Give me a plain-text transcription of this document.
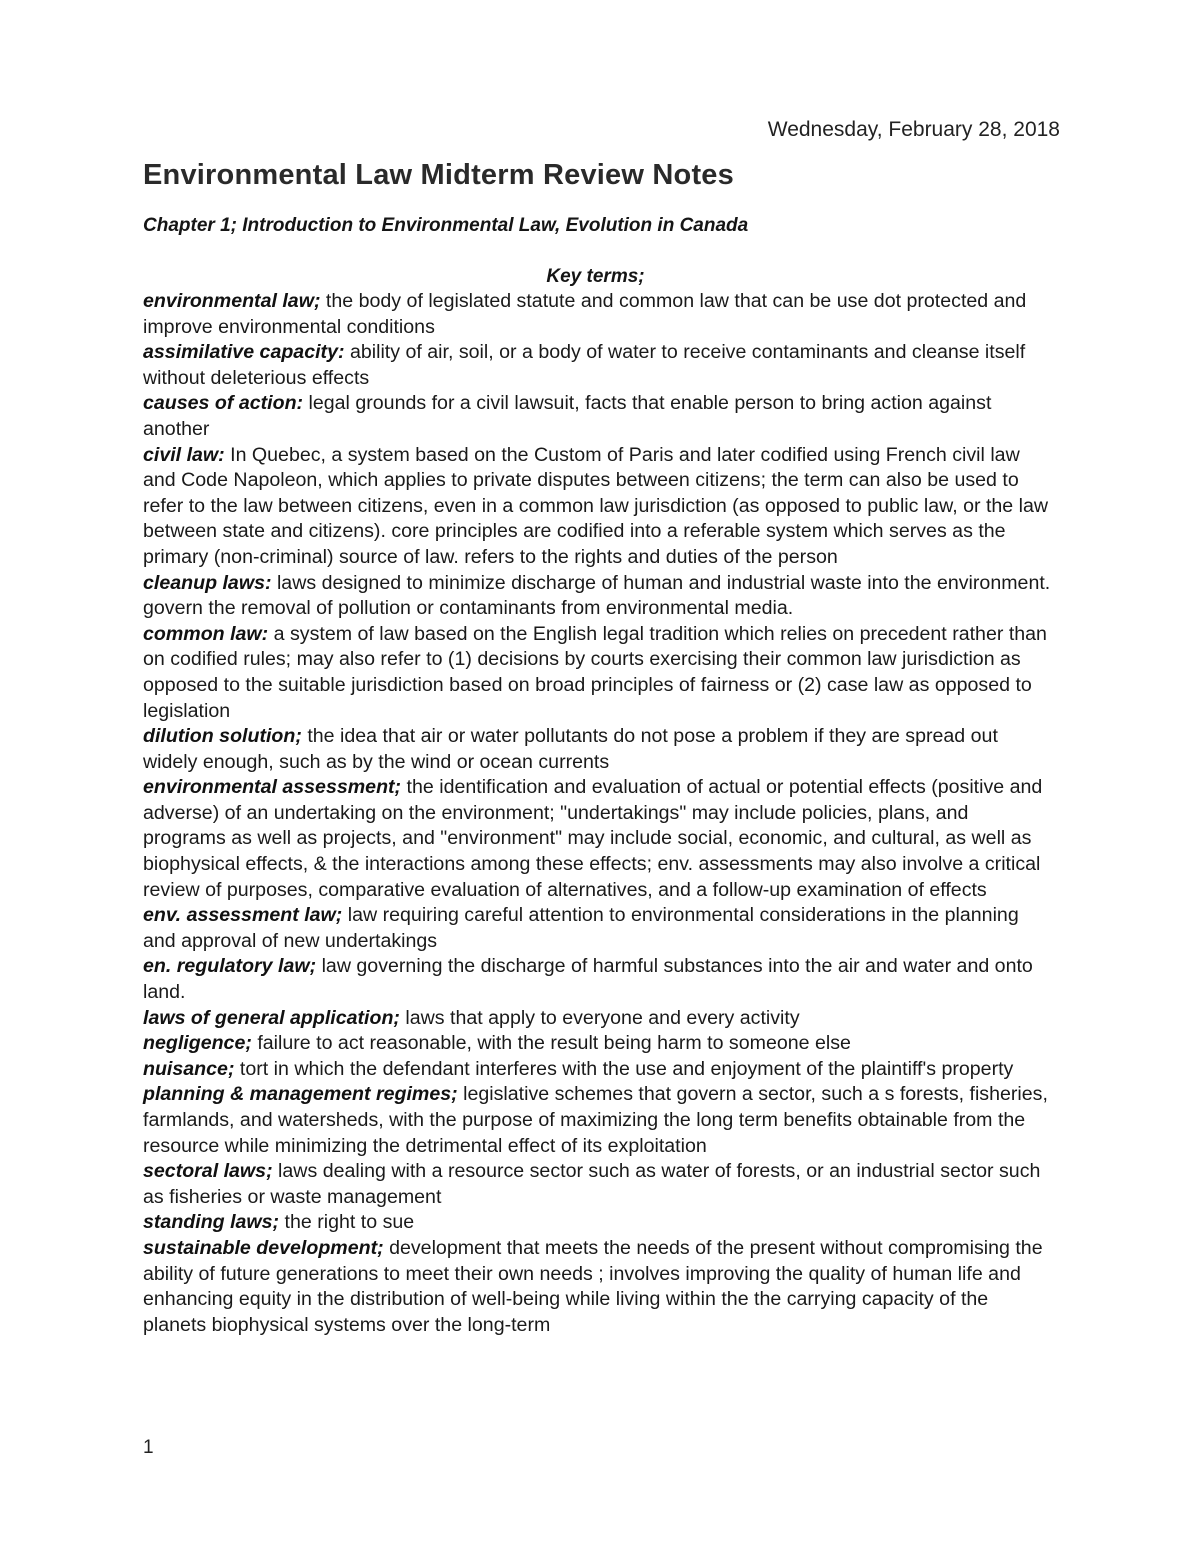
Wednesday, February 28, 2018
Environmental Law Midterm Review Notes
Chapter 1; Introduction to Environmental Law, Evolution in Canada
Key terms;
environmental law; the body of legislated statute and common law that can be use dot protected and improve environmental conditions
assimilative capacity: ability of air, soil, or a body of water to receive contaminants and cleanse itself without deleterious effects
causes of action: legal grounds for a civil lawsuit, facts that enable person to bring action against another
civil law: In Quebec, a system based on the Custom of Paris and later codified using French civil law and Code Napoleon, which applies to private disputes between citizens; the term can also be used to refer to the law between citizens, even in a common law jurisdiction (as opposed to public law, or the law between state and citizens). core principles are codified into a referable system which serves as the primary (non-criminal) source of law. refers to the rights and duties of the person
cleanup laws: laws designed to minimize discharge of human and industrial waste into the environment. govern the removal of pollution or contaminants from environmental media.
common law: a system of law based on the English legal tradition which relies on precedent rather than on codified rules; may also refer to (1) decisions by courts exercising their common law jurisdiction as opposed to the suitable jurisdiction based on broad principles of fairness or (2) case law as opposed to legislation
dilution solution; the idea that air or water pollutants do not pose a problem if they are spread out widely enough, such as by the wind or ocean currents
environmental assessment; the identification and evaluation of actual or potential effects (positive and adverse) of an undertaking on the environment; "undertakings" may include policies, plans, and programs as well as projects, and "environment" may include social, economic, and cultural, as well as biophysical effects, & the interactions among these effects; env. assessments may also involve a critical review of purposes, comparative evaluation of alternatives, and a follow-up examination of effects
env. assessment law; law requiring careful attention to environmental considerations in the planning and approval of new undertakings
en. regulatory law; law governing the discharge of harmful substances into the air and water and onto land.
laws of general application; laws that apply to everyone and every activity
negligence; failure to act reasonable, with the result being harm to someone else
nuisance; tort in which the defendant interferes with the use and enjoyment of the plaintiff's property
planning & management regimes; legislative schemes that govern a sector, such a s forests, fisheries, farmlands, and watersheds, with the purpose of maximizing the long term benefits obtainable from the resource while minimizing the detrimental effect of its exploitation
sectoral laws; laws dealing with a resource sector such as water of forests, or an industrial sector such as fisheries or waste management
standing laws; the right to sue
sustainable development; development that meets the needs of the present without compromising the ability of future generations to meet their own needs ; involves improving the quality of human life and enhancing equity in the distribution of well-being while living within the the carrying capacity of the planets biophysical systems over the long-term
1
